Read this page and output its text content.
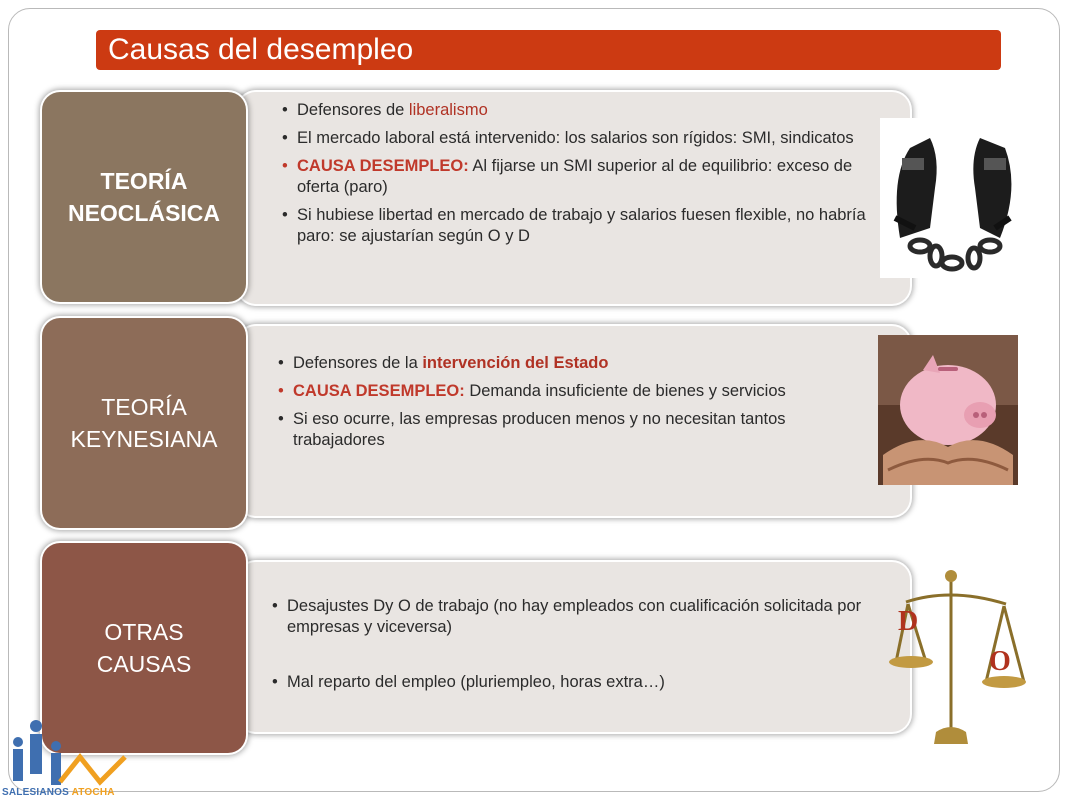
Causas del desempleo
TEORÍA
NEOCLÁSICA
• Defensores de liberalismo
• El mercado laboral está intervenido: los salarios son rígidos: SMI, sindicatos
• CAUSA DESEMPLEO: Al fijarse un SMI superior al de equilibrio: exceso de oferta (paro)
• Si hubiese libertad en mercado de trabajo y salarios fuesen flexible, no habría paro: se ajustarían según O y D
TEORÍA
KEYNESIANA
• Defensores de la intervención del Estado
• CAUSA DESEMPLEO: Demanda insuficiente de bienes y servicios
• Si eso ocurre, las empresas producen menos y no necesitan tantos trabajadores
OTRAS
CAUSAS
• Desajustes Dy O de trabajo (no hay empleados con cualificación solicitada por empresas y viceversa)
• Mal reparto del empleo (pluriempleo, horas extra…)
D
O
SALESIANOS ATOCHA
